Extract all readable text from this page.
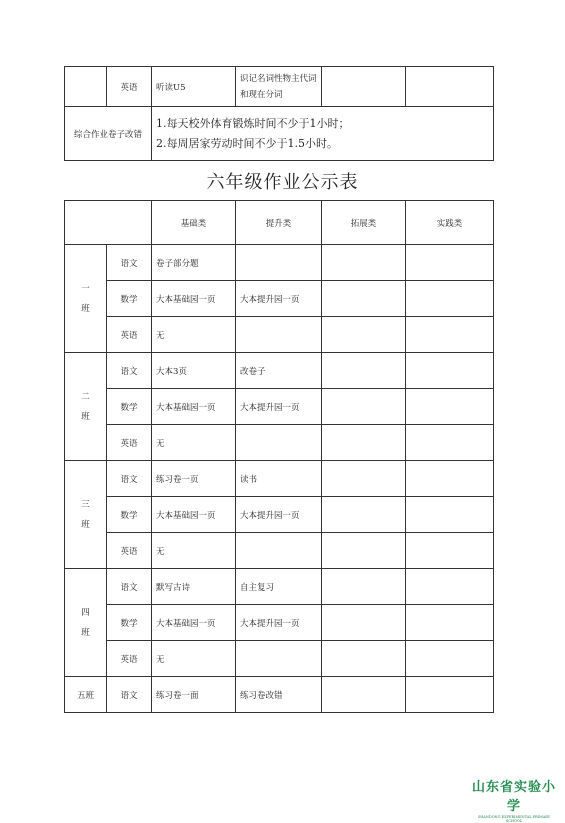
	英语	听读U5	识记名词性物主代词和现在分词		
综合作业卷子改错		1.每天校外体育锻炼时间不少于1小时；
2.每周居家劳动时间不少于1.5小时。			
六年级作业公示表
		基础类	提升类	拓展类	实践类

一
班	语文	卷子部分题			
	数学	大本基础园一页	大本提升园一页		
	英语	无			

二
班	语文	大本3页	改卷子		
	数学	大本基础园一页	大本提升园一页		
	英语	无			

三
班	语文	练习卷一页	读书		
	数学	大本基础园一页	大本提升园一页		
	英语	无			

四
班	语文	默写古诗	自主复习		
	数学	大本基础园一页	大本提升园一页		
	英语	无			
五班	语文	练习卷一面	练习卷改错		
山东省实验小学
SHANDONG EXPERIMENTAL PRIMARY SCHOOL
